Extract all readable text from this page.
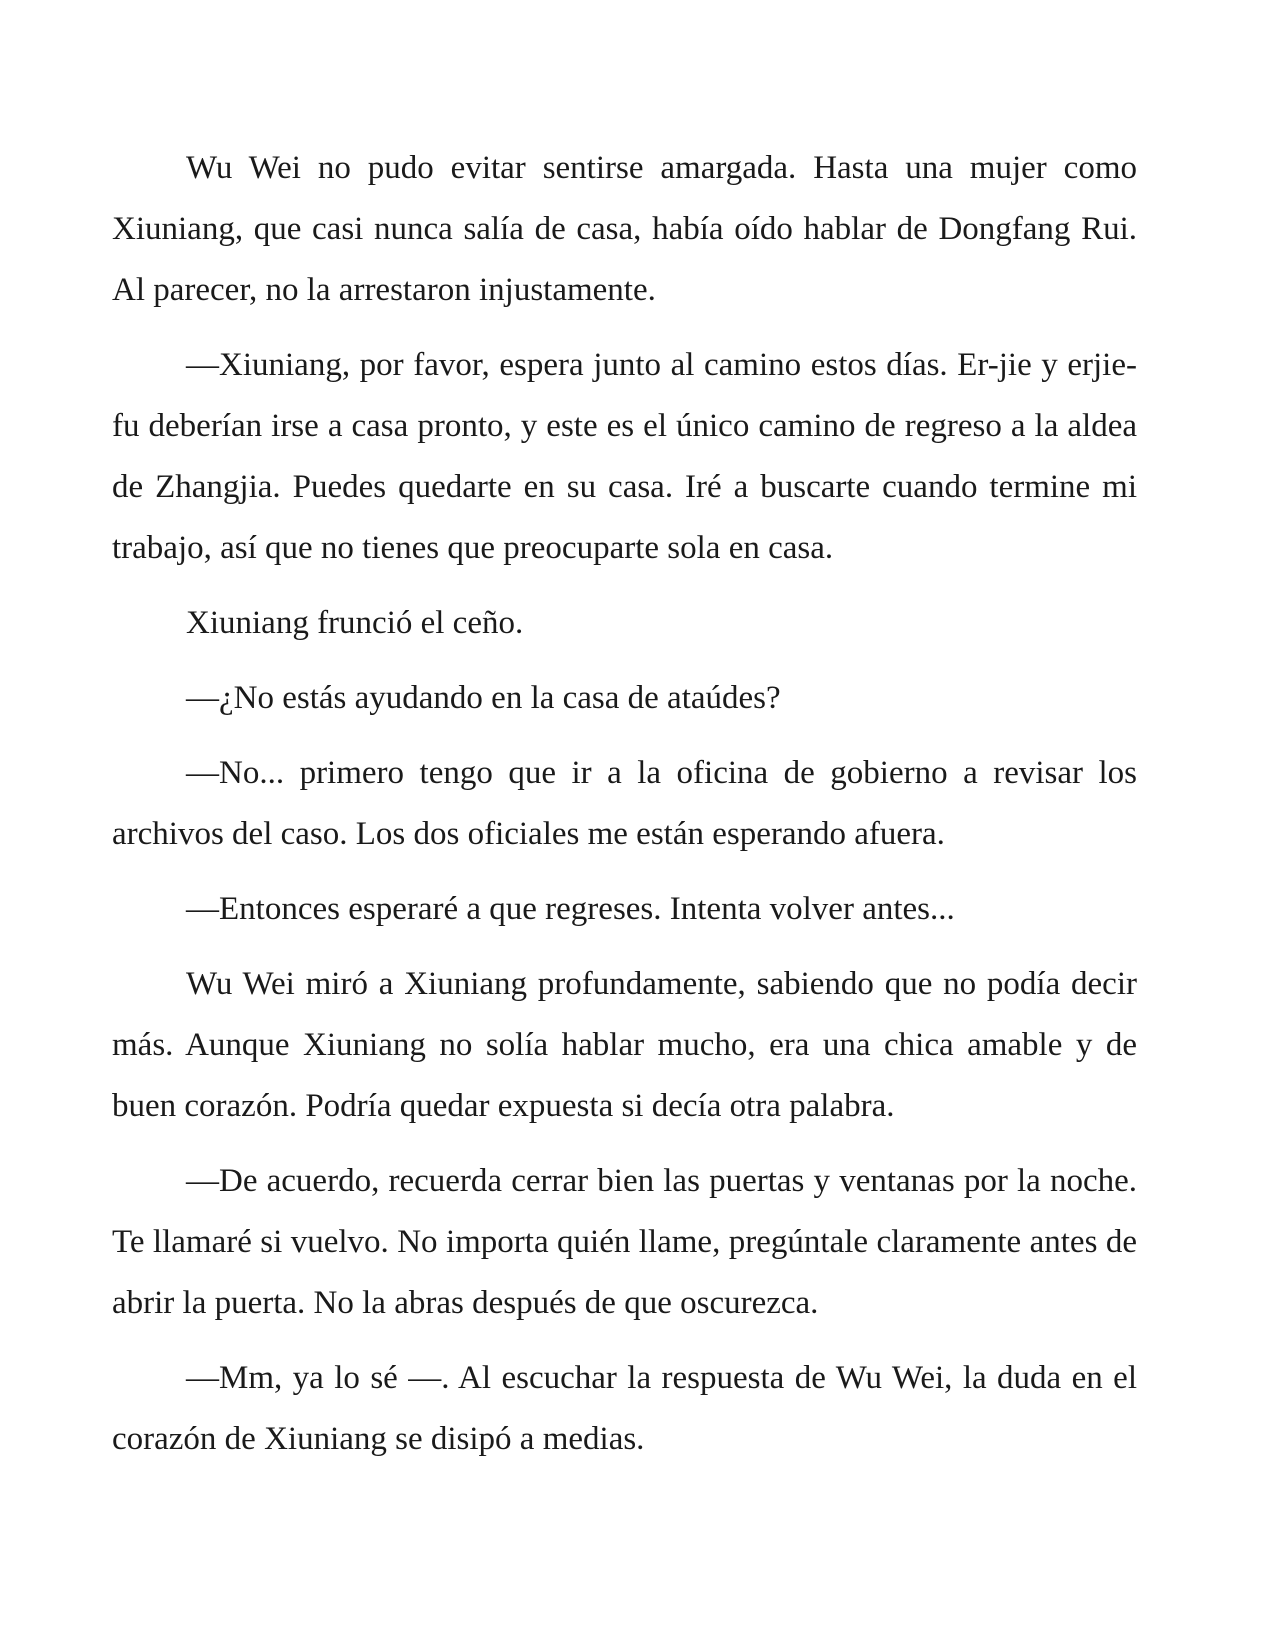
Wu Wei no pudo evitar sentirse amargada. Hasta una mujer como Xiuniang, que casi nunca salía de casa, había oído hablar de Dongfang Rui. Al parecer, no la arrestaron injustamente.

—Xiuniang, por favor, espera junto al camino estos días. Er-jie y erjie-fu deberían irse a casa pronto, y este es el único camino de regreso a la aldea de Zhangjia. Puedes quedarte en su casa. Iré a buscarte cuando termine mi trabajo, así que no tienes que preocuparte sola en casa.

Xiuniang frunció el ceño.

—¿No estás ayudando en la casa de ataúdes?

—No... primero tengo que ir a la oficina de gobierno a revisar los archivos del caso. Los dos oficiales me están esperando afuera.

—Entonces esperaré a que regreses. Intenta volver antes...

Wu Wei miró a Xiuniang profundamente, sabiendo que no podía decir más. Aunque Xiuniang no solía hablar mucho, era una chica amable y de buen corazón. Podría quedar expuesta si decía otra palabra.

—De acuerdo, recuerda cerrar bien las puertas y ventanas por la noche. Te llamaré si vuelvo. No importa quién llame, pregúntale claramente antes de abrir la puerta. No la abras después de que oscurezca.

—Mm, ya lo sé —. Al escuchar la respuesta de Wu Wei, la duda en el corazón de Xiuniang se disipó a medias.
